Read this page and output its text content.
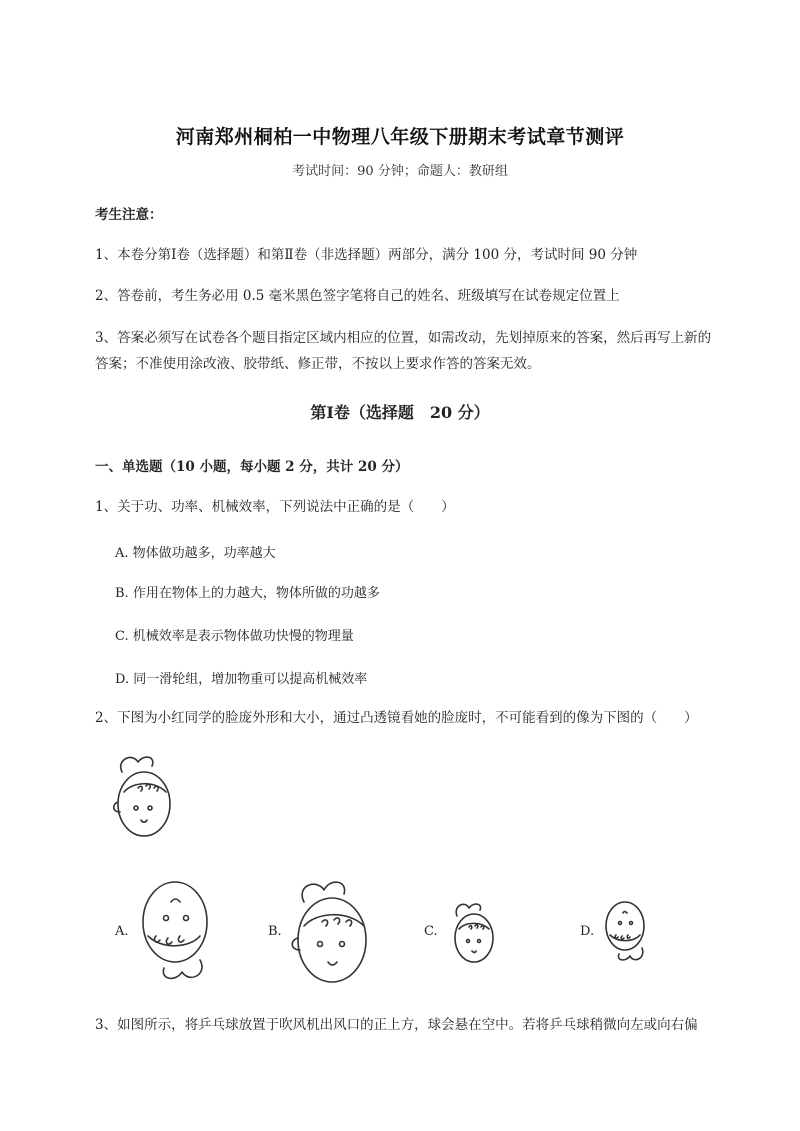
河南郑州桐柏一中物理八年级下册期末考试章节测评
考试时间：90 分钟；命题人：教研组
考生注意：
1、本卷分第Ⅰ卷（选择题）和第Ⅱ卷（非选择题）两部分，满分 100 分，考试时间 90 分钟
2、答卷前，考生务必用 0.5 毫米黑色签字笔将自己的姓名、班级填写在试卷规定位置上
3、答案必须写在试卷各个题目指定区域内相应的位置，如需改动，先划掉原来的答案，然后再写上新的答案；不准使用涂改液、胶带纸、修正带，不按以上要求作答的答案无效。
第Ⅰ卷（选择题　20 分）
一、单选题（10 小题，每小题 2 分，共计 20 分）
1、关于功、功率、机械效率，下列说法中正确的是（　　）
A. 物体做功越多，功率越大
B. 作用在物体上的力越大，物体所做的功越多
C. 机械效率是表示物体做功快慢的物理量
D. 同一滑轮组，增加物重可以提高机械效率
2、下图为小红同学的脸庞外形和大小，通过凸透镜看她的脸庞时，不可能看到的像为下图的（　　）
A.	B.	C.	D.
3、如图所示，将乒乓球放置于吹风机出风口的正上方，球会悬在空中。若将乒乓球稍微向左或向右偏
